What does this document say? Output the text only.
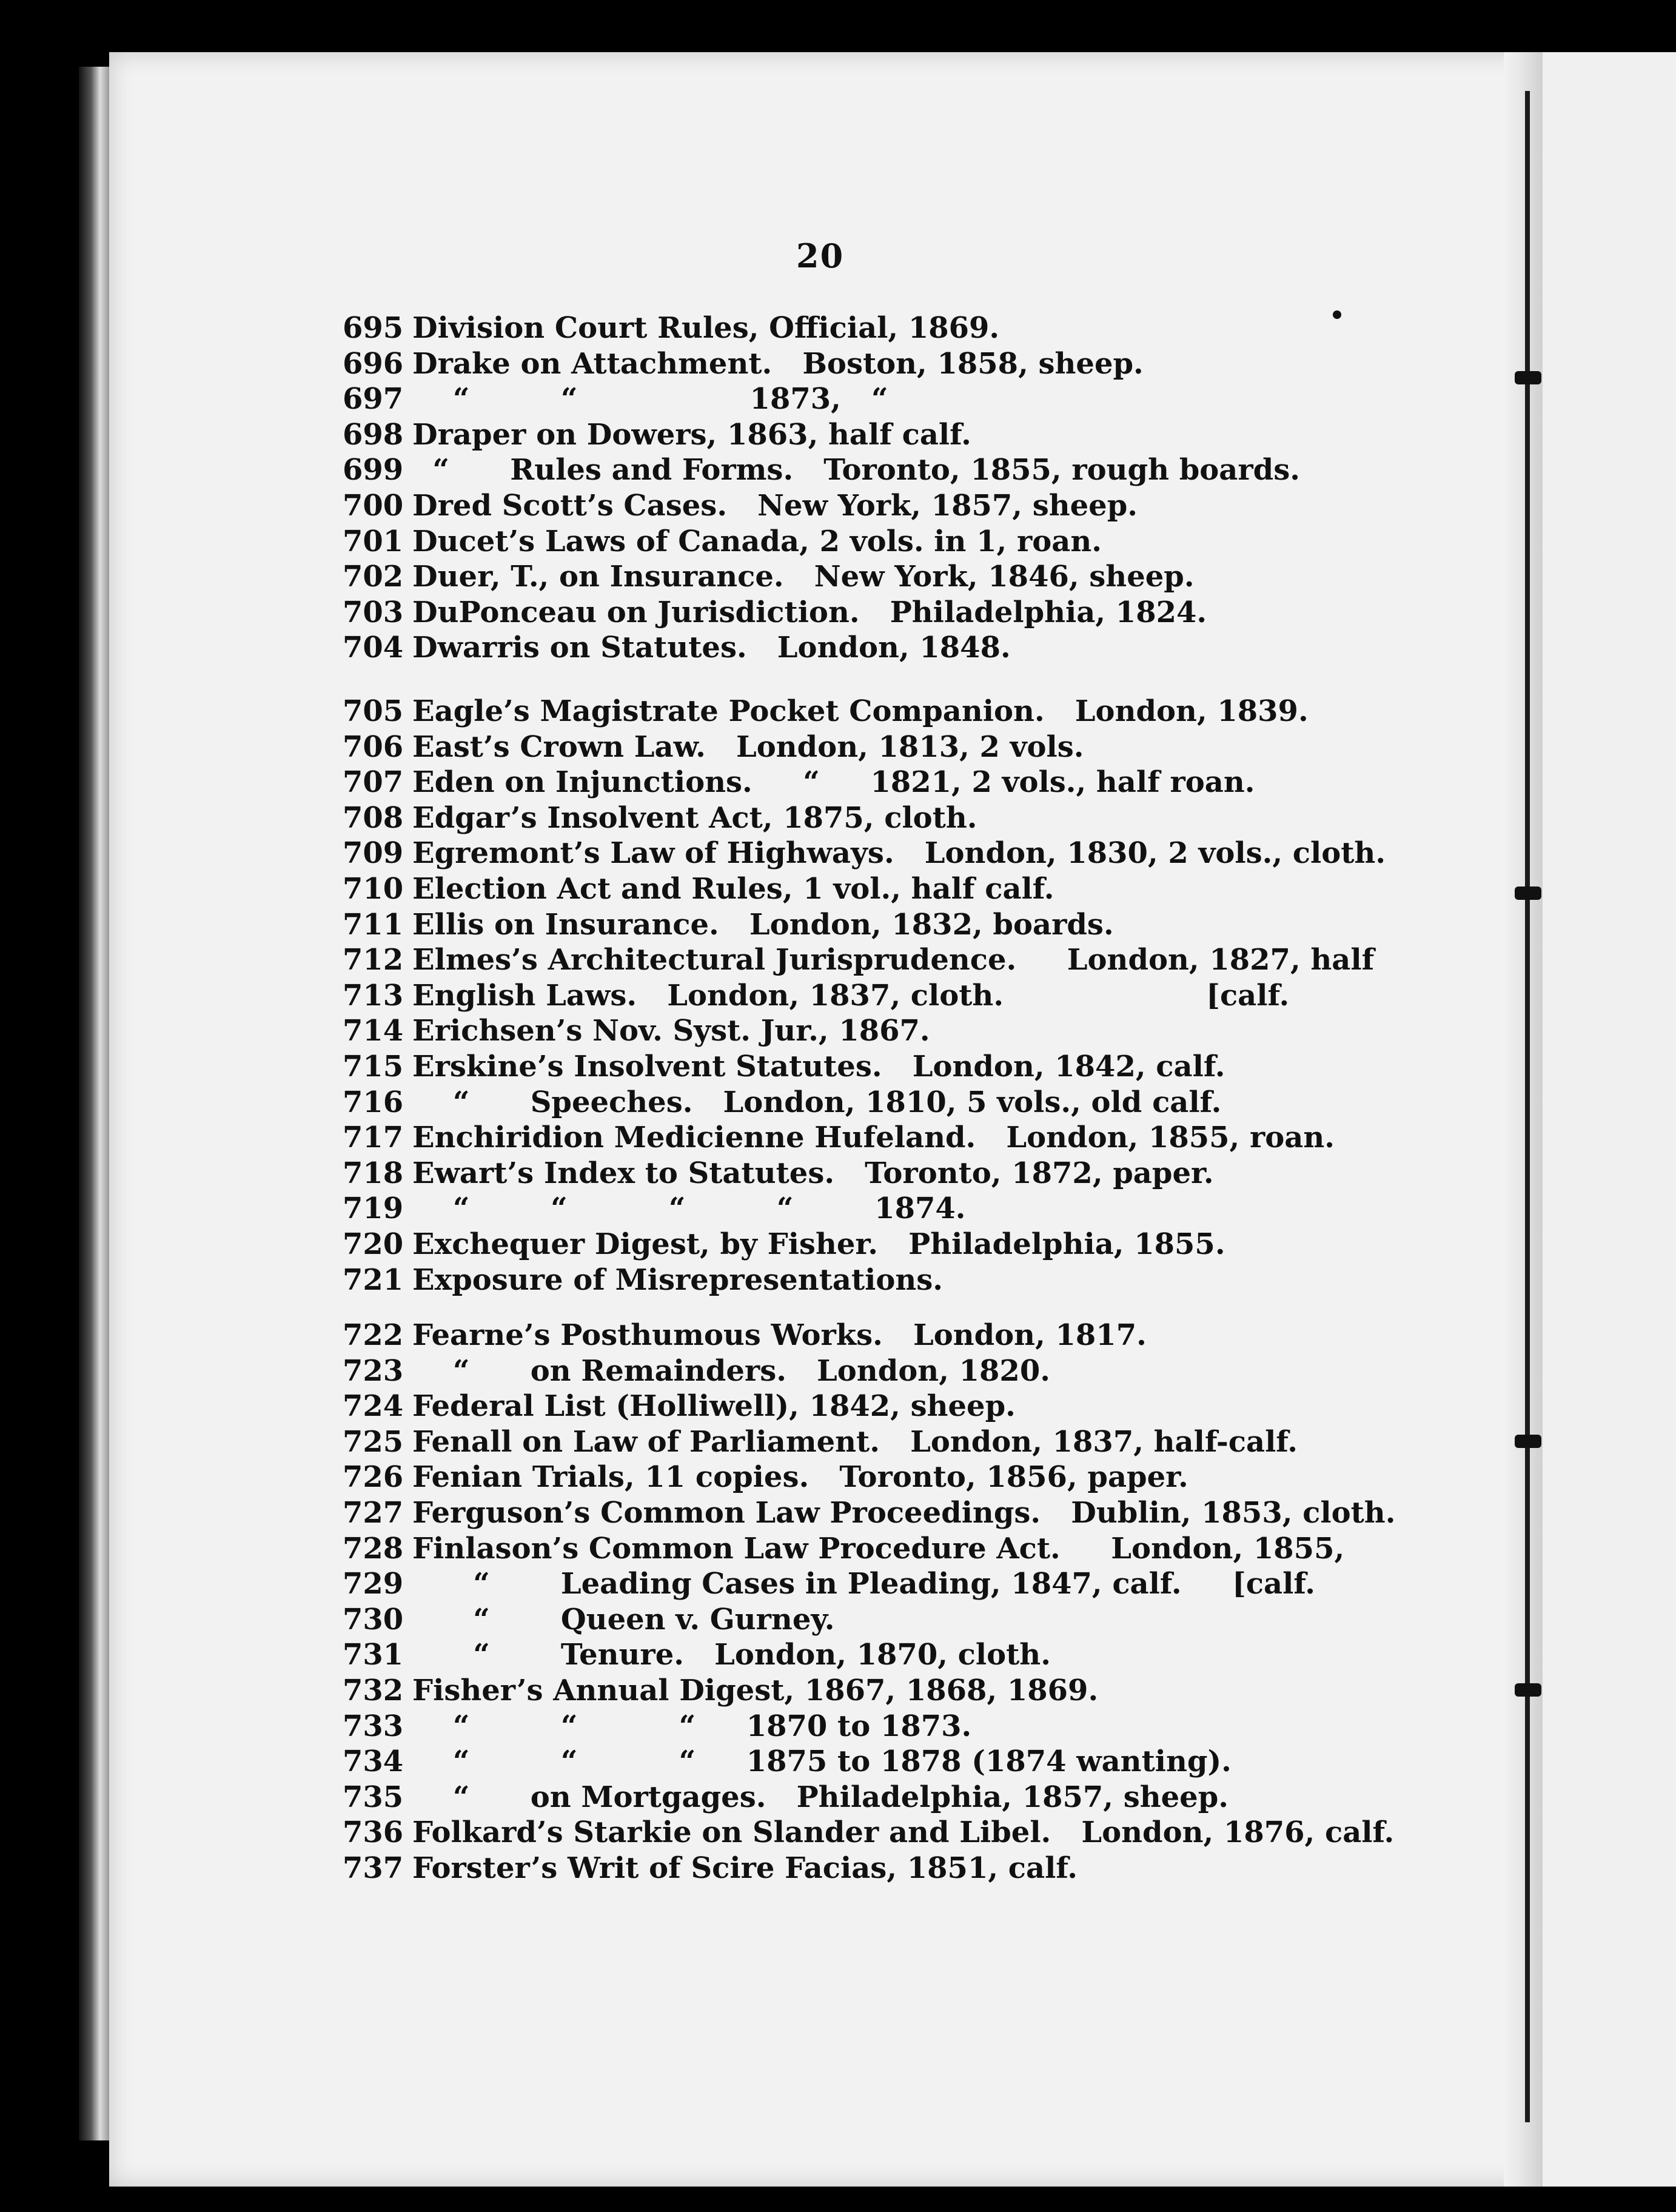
20
695 Division Court Rules, Official, 1869.
696 Drake on Attachment.   Boston, 1858, sheep.
697    “         “                 1873,   “
698 Draper on Dowers, 1863, half calf.
699  “      Rules and Forms.   Toronto, 1855, rough boards.
700 Dred Scott’s Cases.   New York, 1857, sheep.
701 Ducet’s Laws of Canada, 2 vols. in 1, roan.
702 Duer, T., on Insurance.   New York, 1846, sheep.
703 DuPonceau on Jurisdiction.   Philadelphia, 1824.
704 Dwarris on Statutes.   London, 1848.
705 Eagle’s Magistrate Pocket Companion.   London, 1839.
706 East’s Crown Law.   London, 1813, 2 vols.
707 Eden on Injunctions.     “     1821, 2 vols., half roan.
708 Edgar’s Insolvent Act, 1875, cloth.
709 Egremont’s Law of Highways.   London, 1830, 2 vols., cloth.
710 Election Act and Rules, 1 vol., half calf.
711 Ellis on Insurance.   London, 1832, boards.
712 Elmes’s Architectural Jurisprudence.     London, 1827, half
713 English Laws.   London, 1837, cloth.                    [calf.
714 Erichsen’s Nov. Syst. Jur., 1867.
715 Erskine’s Insolvent Statutes.   London, 1842, calf.
716    “      Speeches.   London, 1810, 5 vols., old calf.
717 Enchiridion Medicienne Hufeland.   London, 1855, roan.
718 Ewart’s Index to Statutes.   Toronto, 1872, paper.
719    “        “          “         “        1874.
720 Exchequer Digest, by Fisher.   Philadelphia, 1855.
721 Exposure of Misrepresentations.
722 Fearne’s Posthumous Works.   London, 1817.
723    “      on Remainders.   London, 1820.
724 Federal List (Holliwell), 1842, sheep.
725 Fenall on Law of Parliament.   London, 1837, half-calf.
726 Fenian Trials, 11 copies.   Toronto, 1856, paper.
727 Ferguson’s Common Law Proceedings.   Dublin, 1853, cloth.
728 Finlason’s Common Law Procedure Act.     London, 1855,
729      “       Leading Cases in Pleading, 1847, calf.     [calf.
730      “       Queen v. Gurney.
731      “       Tenure.   London, 1870, cloth.
732 Fisher’s Annual Digest, 1867, 1868, 1869.
733    “         “          “     1870 to 1873.
734    “         “          “     1875 to 1878 (1874 wanting).
735    “      on Mortgages.   Philadelphia, 1857, sheep.
736 Folkard’s Starkie on Slander and Libel.   London, 1876, calf.
737 Forster’s Writ of Scire Facias, 1851, calf.
